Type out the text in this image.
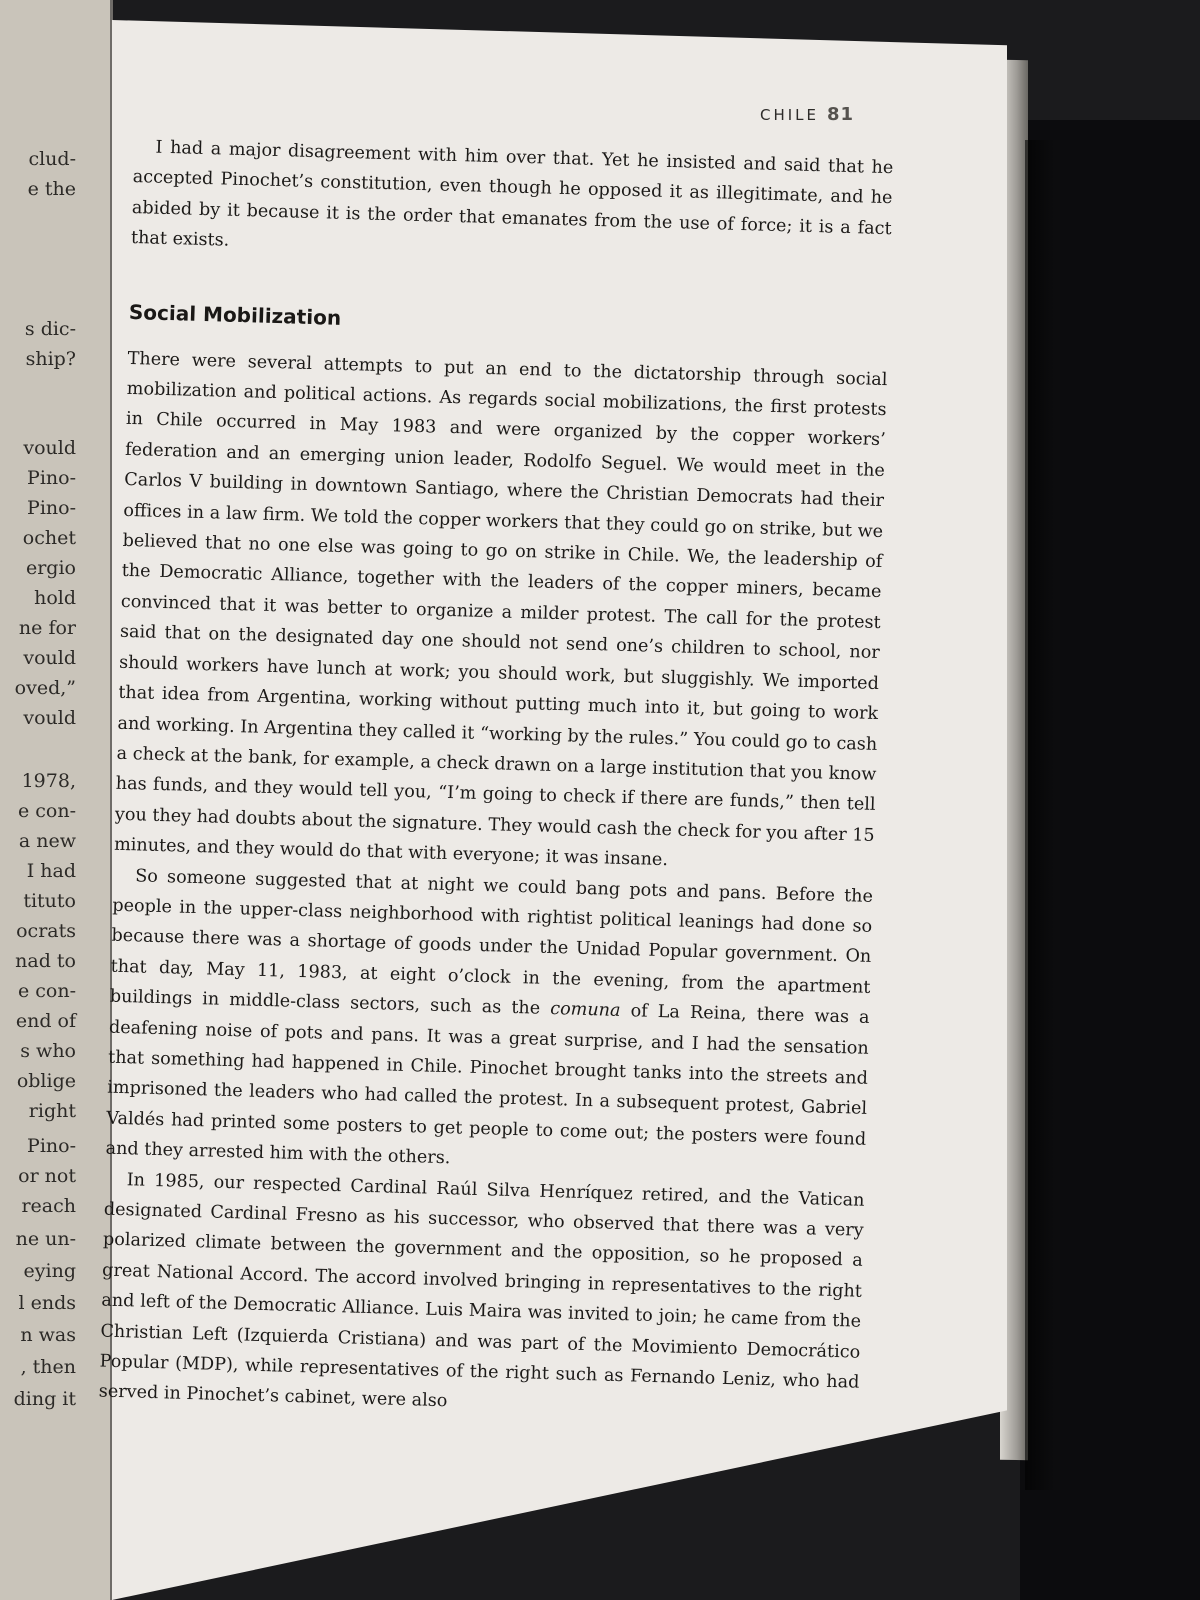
clud-
e the
s dic-
ship?
vould
Pino-
Pino-
ochet
ergio
hold
ne for
vould
oved,”
vould
1978,
e con-
a new
I had
tituto
ocrats
nad to
e con-
end of
s who
oblige
right
Pino-
or not
reach
ne un-
eying
l ends
n was
, then
ding it
CHILE 81

I had a major disagreement with him over that. Yet he insisted and said that he accepted Pinochet’s constitution, even though he opposed it as illegitimate, and he abided by it because it is the order that emanates from the use of force; it is a fact that exists.

Social Mobilization

There were several attempts to put an end to the dictatorship through social mobilization and political actions. As regards social mobilizations, the first protests in Chile occurred in May 1983 and were organized by the copper workers’ federation and an emerging union leader, Rodolfo Seguel. We would meet in the Carlos V building in downtown Santiago, where the Christian Democrats had their offices in a law firm. We told the copper workers that they could go on strike, but we believed that no one else was going to go on strike in Chile. We, the leadership of the Democratic Alliance, together with the leaders of the copper miners, became convinced that it was better to organize a milder protest. The call for the protest said that on the designated day one should not send one’s children to school, nor should workers have lunch at work; you should work, but sluggishly. We imported that idea from Argentina, working without putting much into it, but going to work and working. In Argentina they called it “working by the rules.” You could go to cash a check at the bank, for example, a check drawn on a large institution that you know has funds, and they would tell you, “I’m going to check if there are funds,” then tell you they had doubts about the signature. They would cash the check for you after 15 minutes, and they would do that with everyone; it was insane.

So someone suggested that at night we could bang pots and pans. Before the people in the upper-class neighborhood with rightist political leanings had done so because there was a shortage of goods under the Unidad Popular government. On that day, May 11, 1983, at eight o’clock in the evening, from the apartment buildings in middle-class sectors, such as the comuna of La Reina, there was a deafening noise of pots and pans. It was a great surprise, and I had the sensation that something had happened in Chile. Pinochet brought tanks into the streets and imprisoned the leaders who had called the protest. In a subsequent protest, Gabriel Valdés had printed some posters to get people to come out; the posters were found and they arrested him with the others.

In 1985, our respected Cardinal Raúl Silva Henríquez retired, and the Vatican designated Cardinal Fresno as his successor, who observed that there was a very polarized climate between the government and the opposition, so he proposed a great National Accord. The accord involved bringing in representatives to the right and left of the Democratic Alliance. Luis Maira was invited to join; he came from the Christian Left (Izquierda Cristiana) and was part of the Movimiento Democrático Popular (MDP), while representatives of the right such as Fernando Leniz, who had served in Pinochet’s cabinet, were also
